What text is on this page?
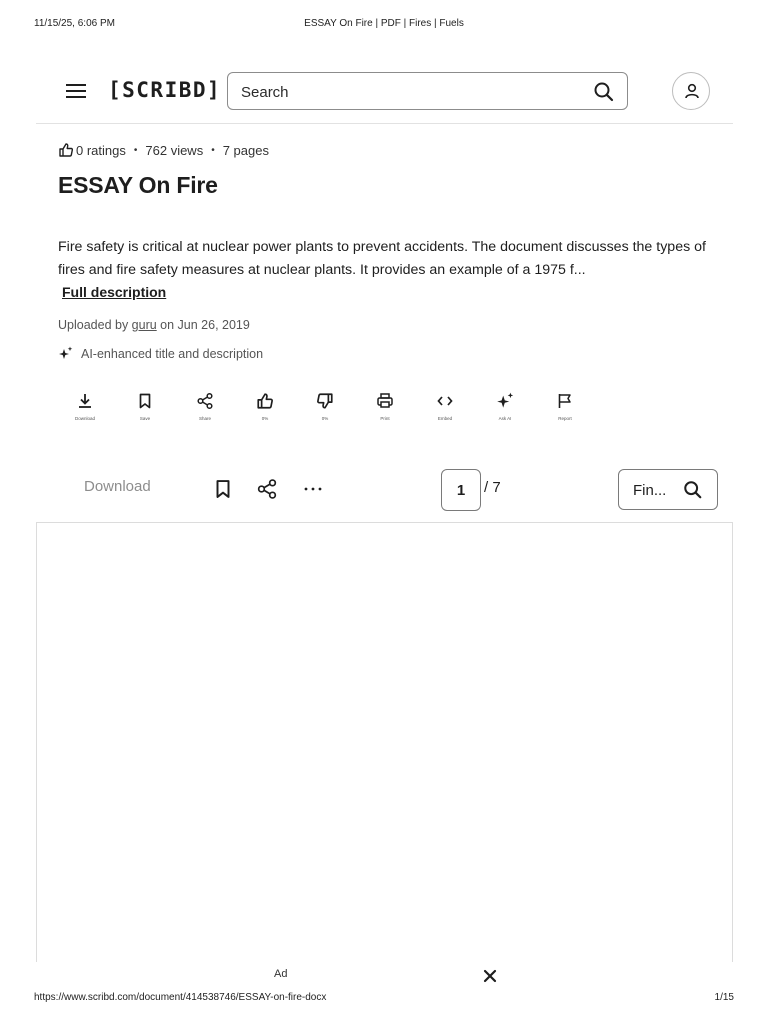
11/15/25, 6:06 PM	ESSAY On Fire | PDF | Fires | Fuels
[SCRIBD]
Search
0 ratings • 762 views • 7 pages
ESSAY On Fire

Fire safety is critical at nuclear power plants to prevent accidents. The document discusses the types of fires and fire safety measures at nuclear plants. It provides an example of a 1975 f...

Full description
Uploaded by guru on Jun 26, 2019
AI-enhanced title and description
Download	Save	Share	0%	0%	Print	Embed	Ask AI	Report
Download
1	/ 7
Fin...
Ad
https://www.scribd.com/document/414538746/ESSAY-on-fire-docx	1/15
